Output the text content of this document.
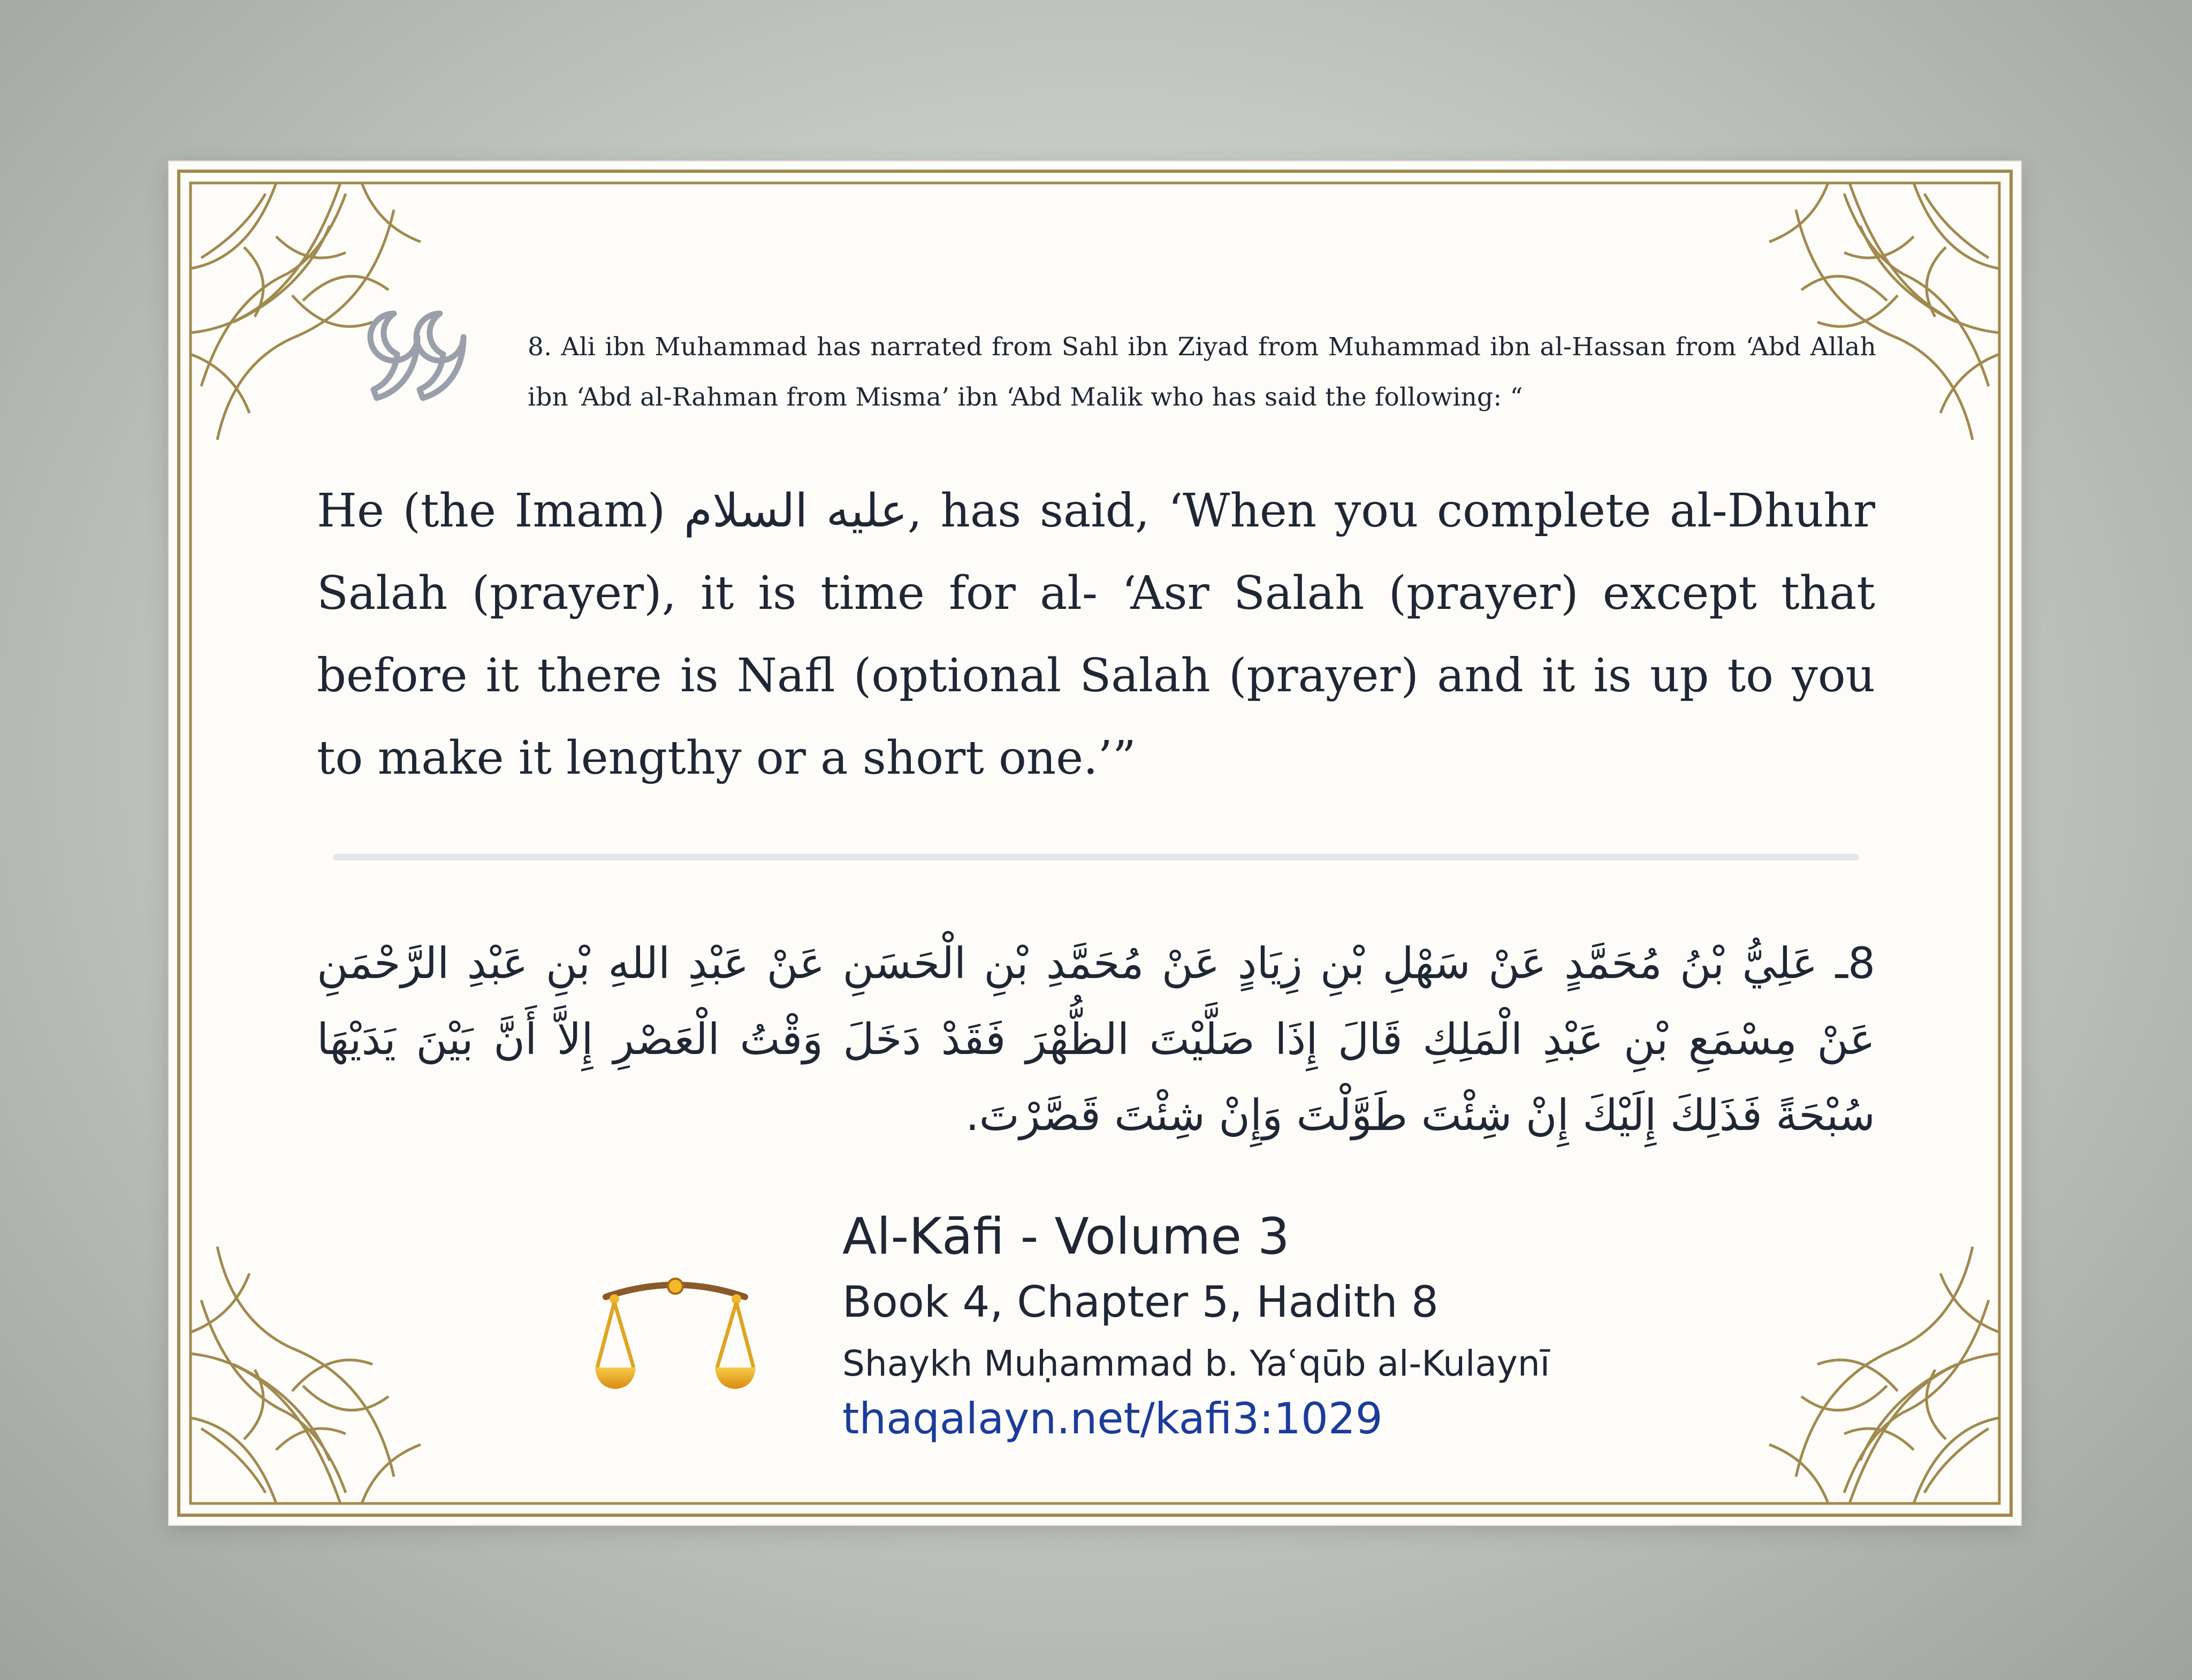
8. Ali ibn Muhammad has narrated from Sahl ibn Ziyad from Muhammad ibn al-Hassan from ‘Abd Allah ibn ‘Abd al-Rahman from Misma’ ibn ‘Abd Malik who has said the following: “
He (the Imam) عليه السلام, has said, ‘When you complete al-Dhuhr Salah (prayer), it is time for al- ‘Asr Salah (prayer) except that before it there is Nafl (optional Salah (prayer) and it is up to you to make it lengthy or a short one.’”
8ـ عَلِيُّ بْنُ مُحَمَّدٍ عَنْ سَهْلِ بْنِ زِيَادٍ عَنْ مُحَمَّدِ بْنِ الْحَسَنِ عَنْ عَبْدِ اللهِ بْنِ عَبْدِ الرَّحْمَنِ عَنْ مِسْمَعِ بْنِ عَبْدِ الْمَلِكِ قَالَ إِذَا صَلَّيْتَ الظُّهْرَ فَقَدْ دَخَلَ وَقْتُ الْعَصْرِ إِلاَّ أَنَّ بَيْنَ يَدَيْهَا سُبْحَةً فَذَلِكَ إِلَيْكَ إِنْ شِئْتَ طَوَّلْتَ وَإِنْ شِئْتَ قَصَّرْتَ.
Al-Kāfi - Volume 3
Book 4, Chapter 5, Hadith 8
Shaykh Muḥammad b. Yaʿqūb al-Kulaynī
thaqalayn.net/kafi3:1029
